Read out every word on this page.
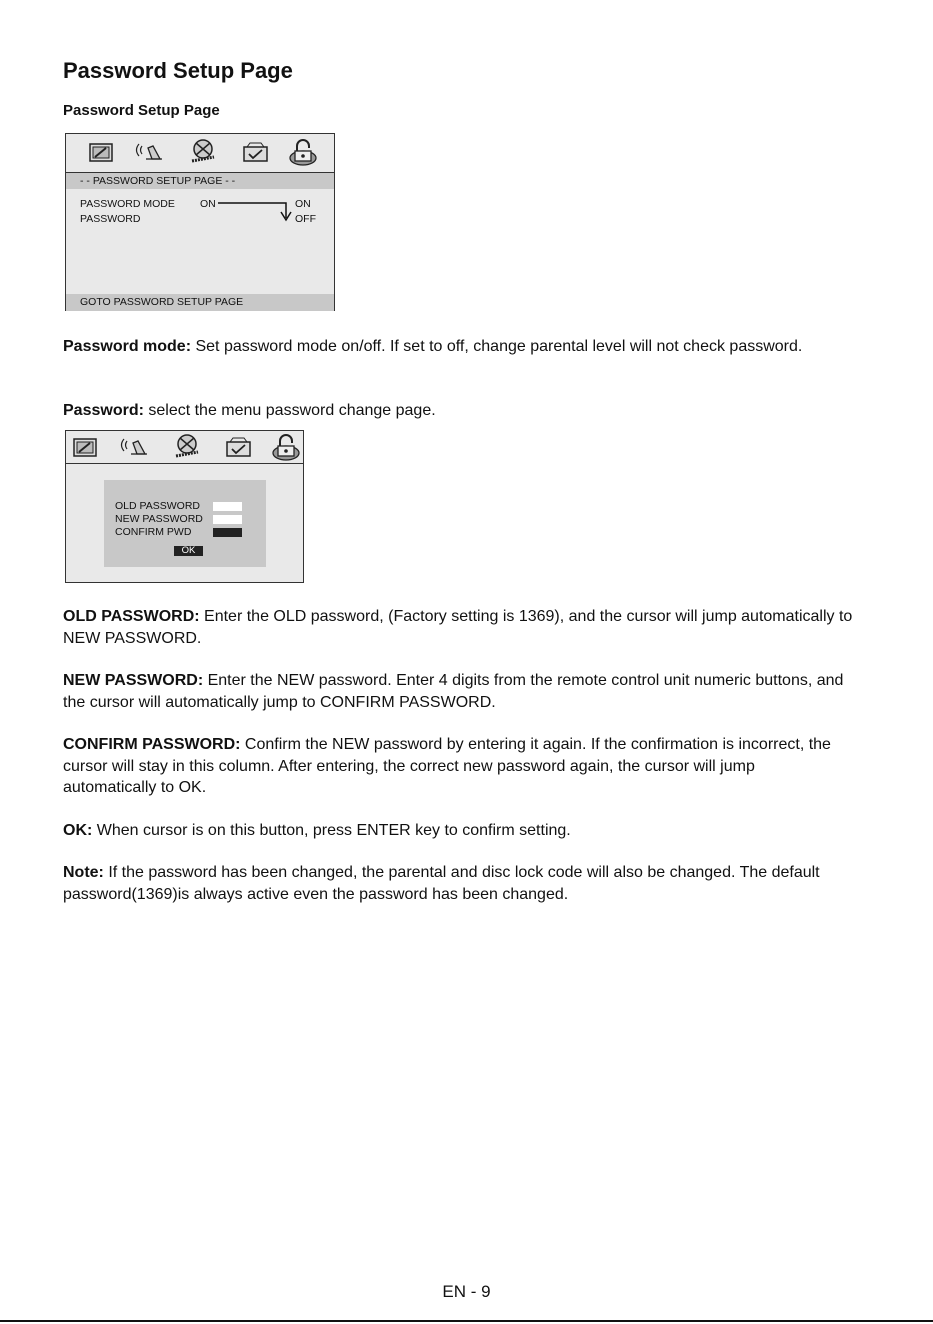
Password Setup Page
Password Setup Page
- - PASSWORD SETUP PAGE - -
PASSWORD MODE ON
PASSWORD
ON
OFF
GOTO PASSWORD SETUP PAGE
Password mode: Set password mode on/off. If set to off, change parental level will not check password.
Password: select the menu password change page.
OLD PASSWORD
NEW PASSWORD
CONFIRM PWD
OK
OLD PASSWORD: Enter the OLD password, (Factory setting is 1369), and the cursor will jump automatically to NEW PASSWORD.
NEW PASSWORD: Enter the NEW password. Enter 4 digits from the remote control unit numeric buttons, and the cursor will automatically jump to CONFIRM PASSWORD.
CONFIRM PASSWORD: Confirm the NEW password by entering it again. If the confirmation is incorrect, the cursor will stay in this column. After entering, the correct new password again, the cursor will jump automatically to OK.
OK: When cursor is on this button, press ENTER key to confirm setting.
Note: If the password has been changed, the parental and disc lock code will also be changed. The default password(1369)is always active even the password has been changed.
EN - 9
